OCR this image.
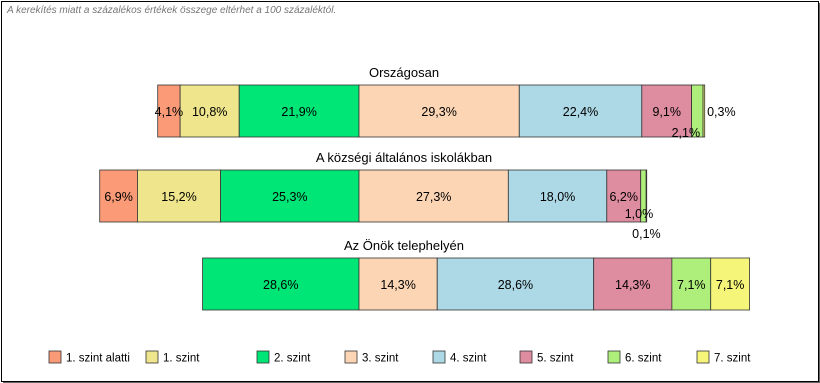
A kerekítés miatt a százalékos értékek összege eltérhet a 100 százaléktól.
Országosan
4,1% 10,8%	21,9%	29,3%	22,4%	9,1%
2,1%
0,3%
A községi általános iskolákban
6,9% 15,2%	25,3%	27,3%	18,0%	6,2%
1,0%
0,1%
Az Önök telephelyén
28,6%	14,3%	28,6%	14,3% 7,1% 7,1%
1. szint alatti	1. szint	2. szint	3. szint	4. szint	5. szint	6. szint	7. szint
